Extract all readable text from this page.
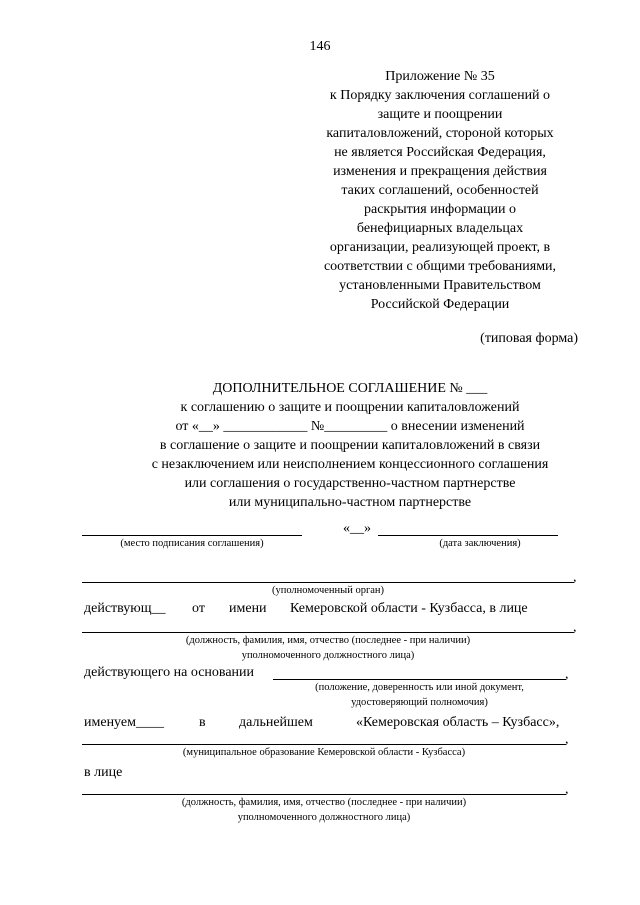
146
Приложение № 35
к Порядку заключения соглашений о
защите и поощрении
капиталовложений, стороной которых
не является Российская Федерация,
изменения и прекращения действия
таких соглашений, особенностей
раскрытия информации о
бенефициарных владельцах
организации, реализующей проект, в
соответствии с общими требованиями,
установленными Правительством
Российской Федерации
(типовая форма)
ДОПОЛНИТЕЛЬНОЕ СОГЛАШЕНИЕ № ___
к соглашению о защите и поощрении капиталовложений
от «__» ____________ №_________ о внесении изменений
в соглашение о защите и поощрении капиталовложений в связи
с незаключением или неисполнением концессионного соглашения
или соглашения о государственно-частном партнерстве
или муниципально-частном партнерстве
«__»
(место подписания соглашения)	(дата заключения)
,
(уполномоченный орган)
действующ__ от имени Кемеровской области - Кузбасса, в лице
,
(должность, фамилия, имя, отчество (последнее - при наличии)
уполномоченного должностного лица)
действующего на основании	,
(положение, доверенность или иной документ,
удостоверяющий полномочия)
именуем____	в дальнейшем	«Кемеровская область – Кузбасс»,
,
(муниципальное образование Кемеровской области - Кузбасса)
в лице
,
(должность, фамилия, имя, отчество (последнее - при наличии)
уполномоченного должностного лица)
